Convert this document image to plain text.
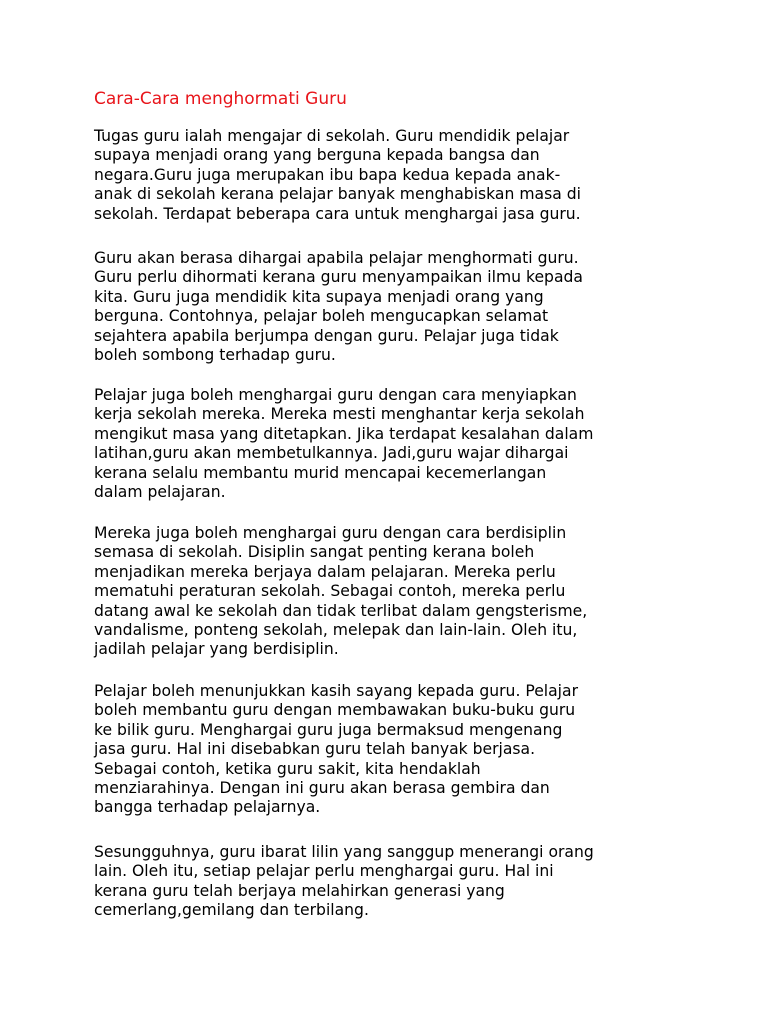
Cara-Cara menghormati Guru

Tugas guru ialah mengajar di sekolah. Guru mendidik pelajar
supaya menjadi orang yang berguna kepada bangsa dan
negara.Guru juga merupakan ibu bapa kedua kepada anak-
anak di sekolah kerana pelajar banyak menghabiskan masa di
sekolah. Terdapat beberapa cara untuk menghargai jasa guru.

Guru akan berasa dihargai apabila pelajar menghormati guru.
Guru perlu dihormati kerana guru menyampaikan ilmu kepada
kita. Guru juga mendidik kita supaya menjadi orang yang
berguna. Contohnya, pelajar boleh mengucapkan selamat
sejahtera apabila berjumpa dengan guru. Pelajar juga tidak
boleh sombong terhadap guru.

Pelajar juga boleh menghargai guru dengan cara menyiapkan
kerja sekolah mereka. Mereka mesti menghantar kerja sekolah
mengikut masa yang ditetapkan. Jika terdapat kesalahan dalam
latihan,guru akan membetulkannya. Jadi,guru wajar dihargai
kerana selalu membantu murid mencapai kecemerlangan
dalam pelajaran.

Mereka juga boleh menghargai guru dengan cara berdisiplin
semasa di sekolah. Disiplin sangat penting kerana boleh
menjadikan mereka berjaya dalam pelajaran. Mereka perlu
mematuhi peraturan sekolah. Sebagai contoh, mereka perlu
datang awal ke sekolah dan tidak terlibat dalam gengsterisme,
vandalisme, ponteng sekolah, melepak dan lain-lain. Oleh itu,
jadilah pelajar yang berdisiplin.

Pelajar boleh menunjukkan kasih sayang kepada guru. Pelajar
boleh membantu guru dengan membawakan buku-buku guru
ke bilik guru. Menghargai guru juga bermaksud mengenang
jasa guru. Hal ini disebabkan guru telah banyak berjasa.
Sebagai contoh, ketika guru sakit, kita hendaklah
menziarahinya. Dengan ini guru akan berasa gembira dan
bangga terhadap pelajarnya.

Sesungguhnya, guru ibarat lilin yang sanggup menerangi orang
lain. Oleh itu, setiap pelajar perlu menghargai guru. Hal ini
kerana guru telah berjaya melahirkan generasi yang
cemerlang,gemilang dan terbilang.
